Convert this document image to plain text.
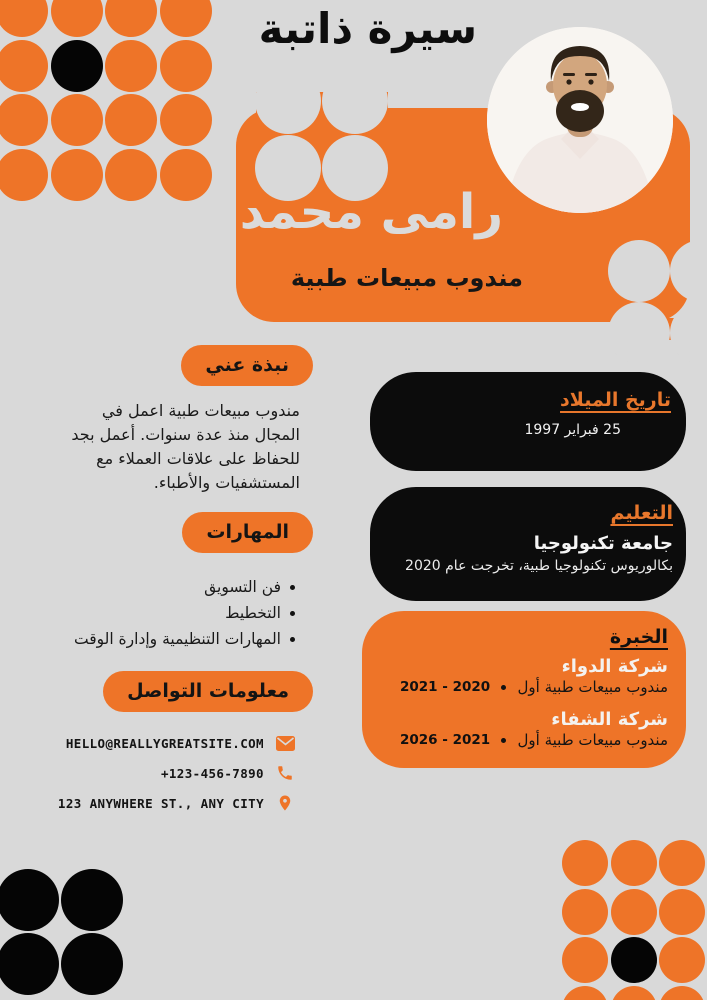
سيرة ذاتبة
رامى محمد
مندوب مبيعات طبية
نبذة عني
مندوب مبيعات طبية اعمل في المجال منذ عدة سنوات. أعمل بجد للحفاظ على علاقات العملاء مع المستشفيات والأطباء.
المهارات
فن التسويق
التخطيط
المهارات التنظيمية وإدارة الوقت
معلومات التواصل
HELLO@REALLYGREATSITE.COM
+123-456-7890
123 ANYWHERE ST., ANY CITY
تاريخ الميلاد
25 فبراير 1997
التعليم
جامعة تكنولوجيا
بكالوريوس تكنولوجيا طبية، تخرجت عام 2020
الخبرة
شركة الدواء
مندوب مبيعات طبية أول
2021 - 2020
شركة الشفاء
مندوب مبيعات طبية أول
2026 - 2021
